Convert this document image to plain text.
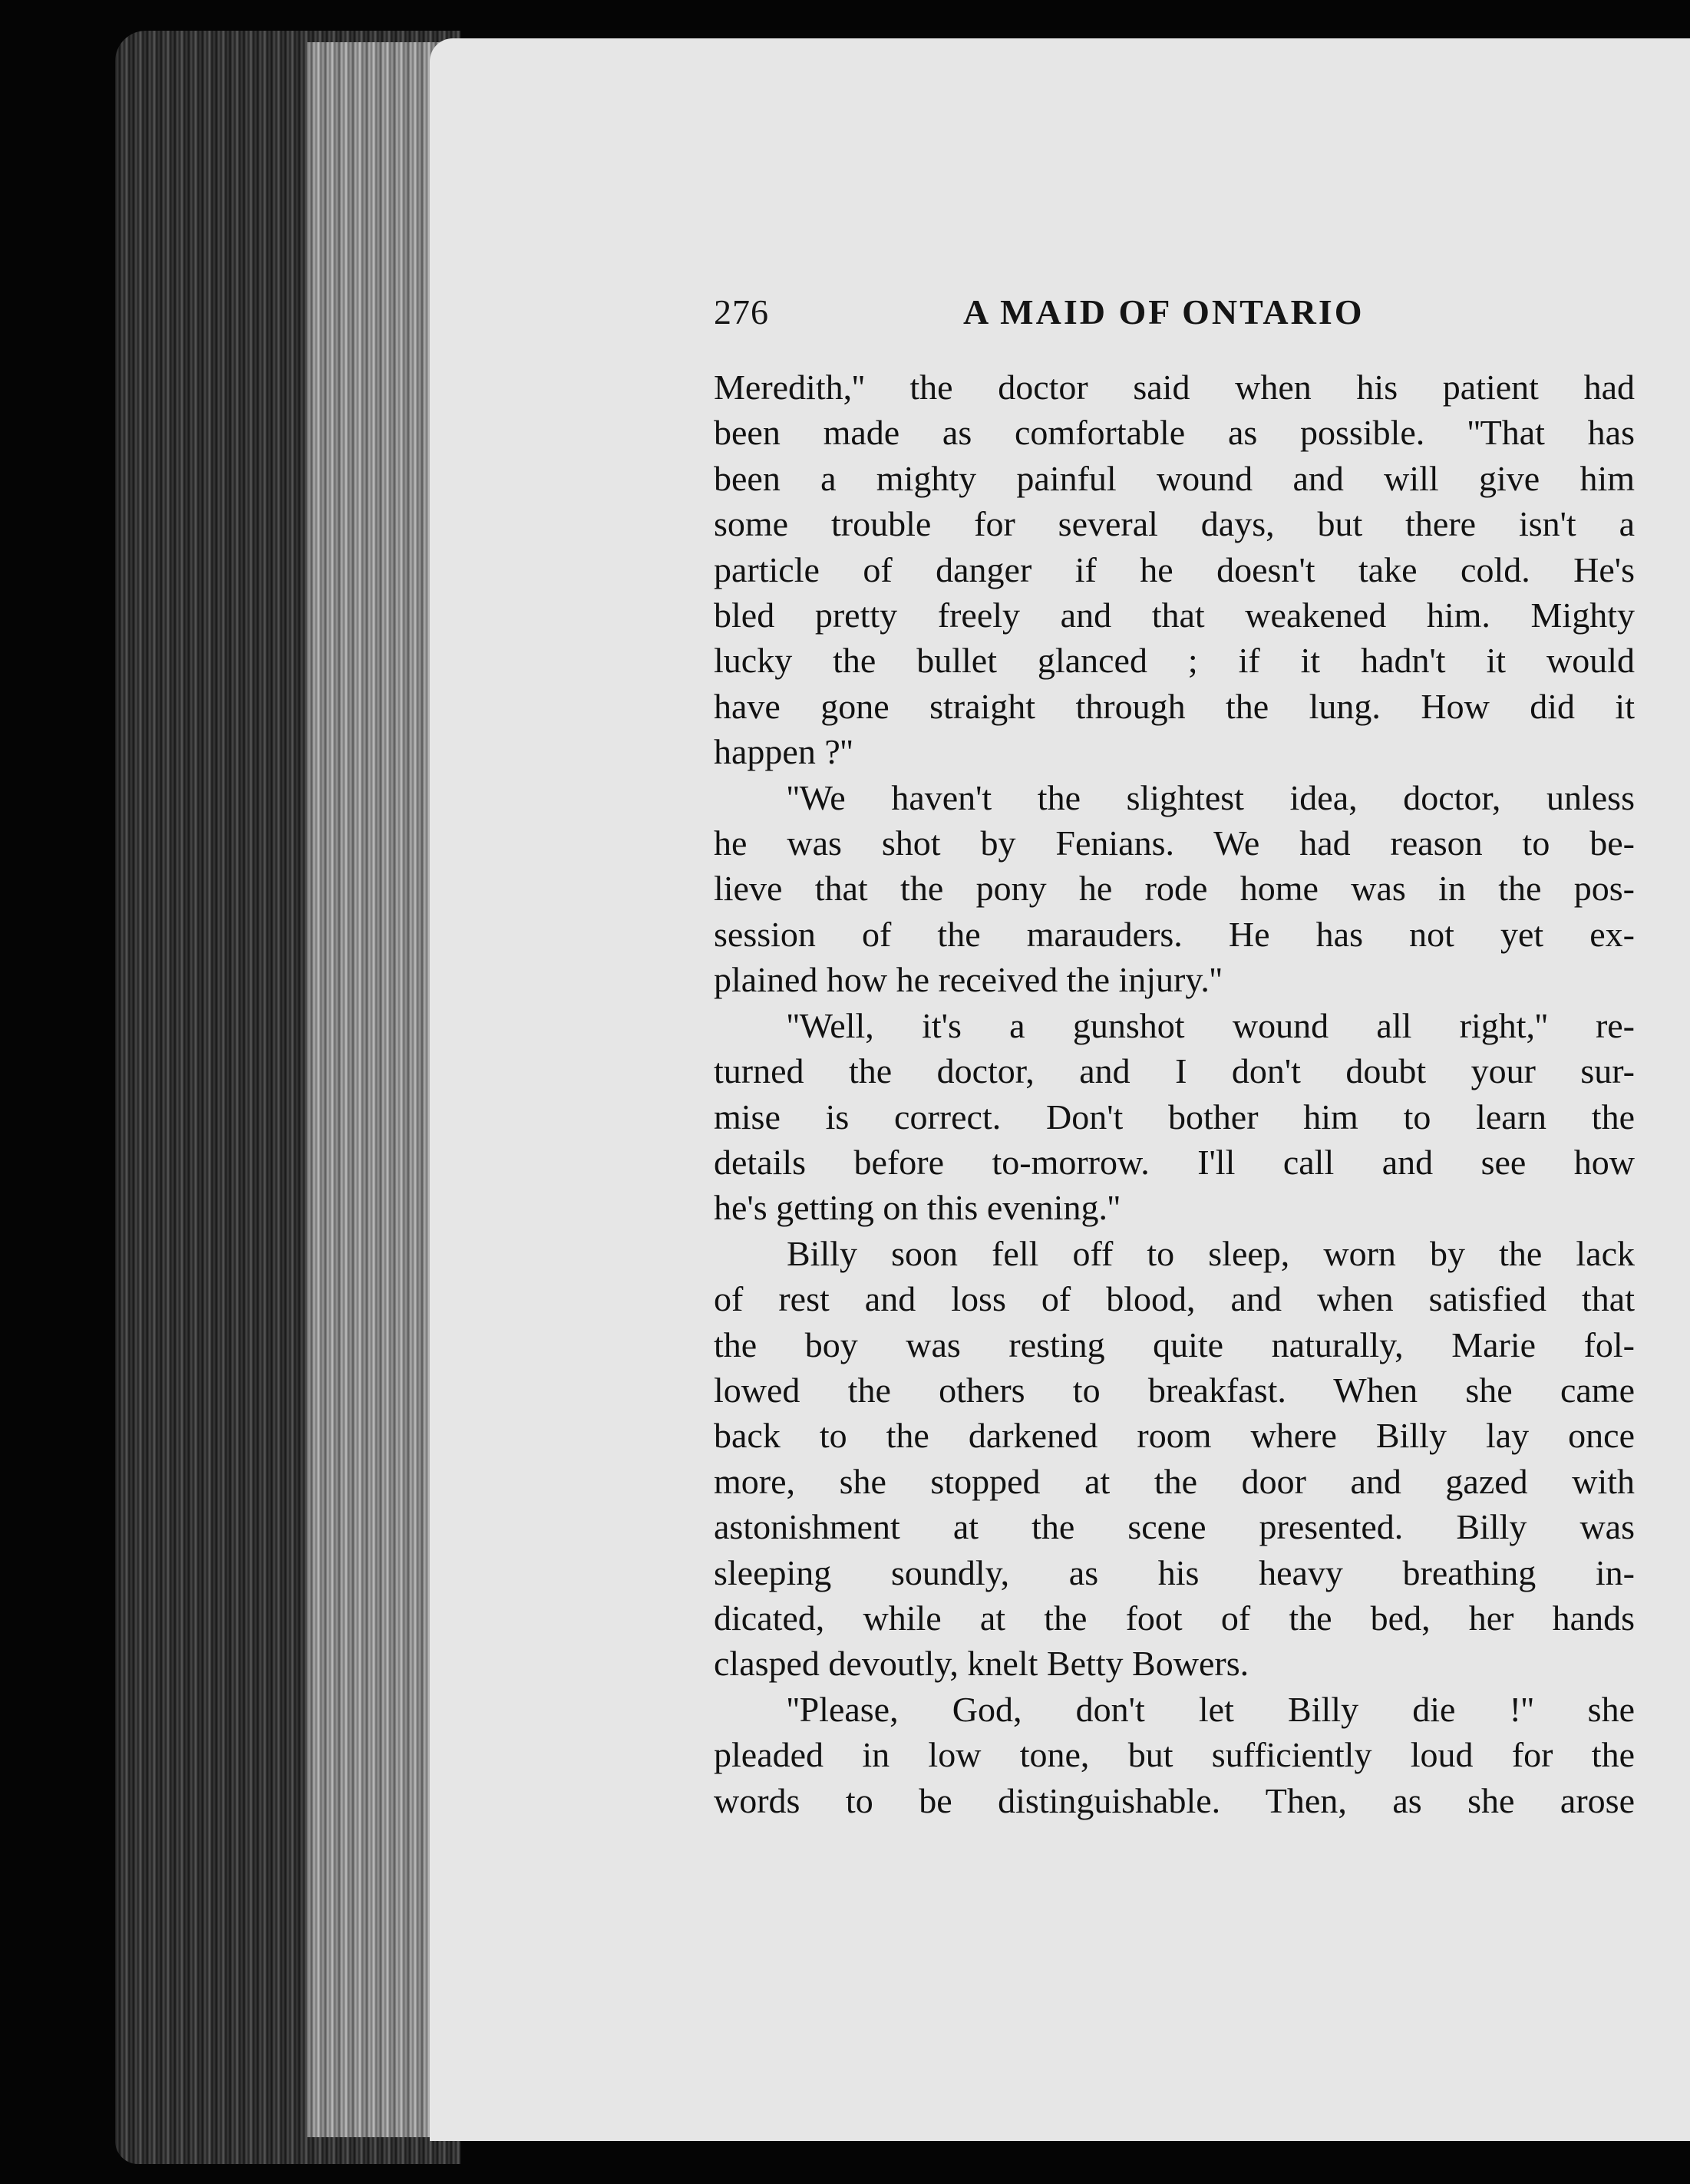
276	A MAID OF ONTARIO

Meredith,'' the doctor said when his patient had

been made as comfortable as possible. ''That has

been a mighty painful wound and will give him

some trouble for several days, but there isn't a

particle of danger if he doesn't take cold. He's

bled pretty freely and that weakened him. Mighty

lucky the bullet glanced ; if it hadn't it would

have gone straight through the lung. How did it

happen ?''

''We haven't the slightest idea, doctor, unless

he was shot by Fenians. We had reason to be-

lieve that the pony he rode home was in the pos-

session of the marauders. He has not yet ex-

plained how he received the injury.''

''Well, it's a gunshot wound all right,'' re-

turned the doctor, and I don't doubt your sur-

mise is correct. Don't bother him to learn the

details before to-morrow. I'll call and see how

he's getting on this evening.''

Billy soon fell off to sleep, worn by the lack

of rest and loss of blood, and when satisfied that

the boy was resting quite naturally, Marie fol-

lowed the others to breakfast. When she came

back to the darkened room where Billy lay once

more, she stopped at the door and gazed with

astonishment at the scene presented. Billy was

sleeping soundly, as his heavy breathing in-

dicated, while at the foot of the bed, her hands

clasped devoutly, knelt Betty Bowers.

''Please, God, don't let Billy die !'' she

pleaded in low tone, but sufficiently loud for the

words to be distinguishable. Then, as she arose
